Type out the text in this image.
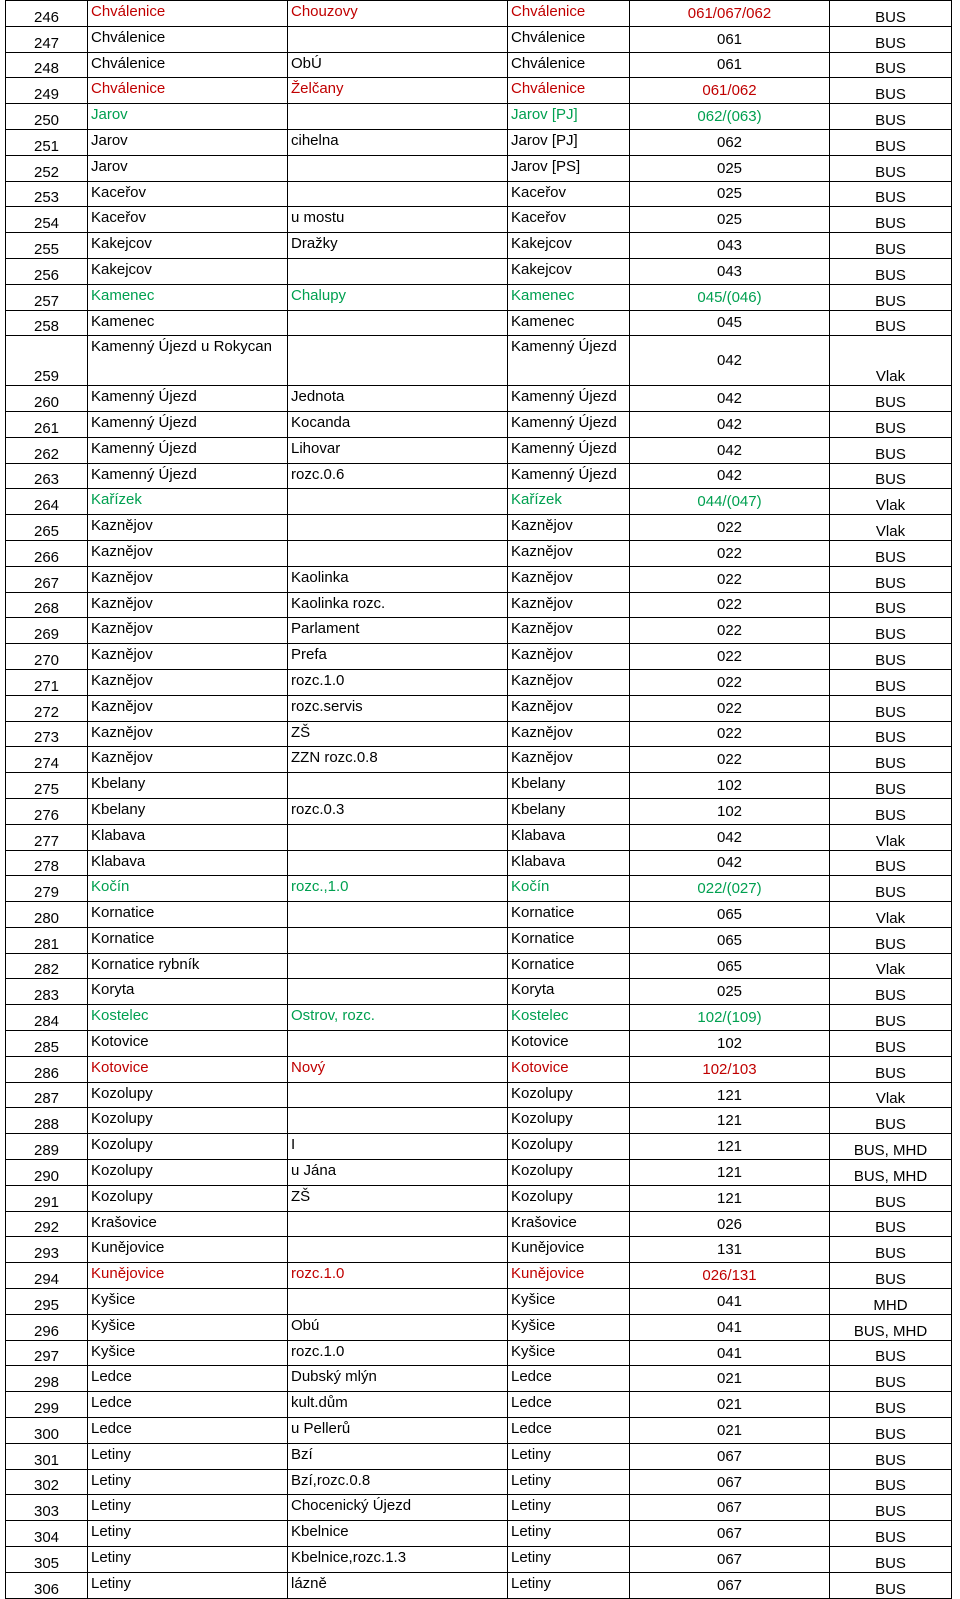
246	Chválenice	Chouzovy	Chválenice	061/067/062	BUS
247	Chválenice		Chválenice	061	BUS
248	Chválenice	ObÚ	Chválenice	061	BUS
249	Chválenice	Želčany	Chválenice	061/062	BUS
250	Jarov		Jarov [PJ]	062/(063)	BUS
251	Jarov	cihelna	Jarov [PJ]	062	BUS
252	Jarov		Jarov [PS]	025	BUS
253	Kaceřov		Kaceřov	025	BUS
254	Kaceřov	u mostu	Kaceřov	025	BUS
255	Kakejcov	Dražky	Kakejcov	043	BUS
256	Kakejcov		Kakejcov	043	BUS
257	Kamenec	Chalupy	Kamenec	045/(046)	BUS
258	Kamenec		Kamenec	045	BUS
259	Kamenný Újezd u Rokycan		Kamenný Újezd	042	Vlak
260	Kamenný Újezd	Jednota	Kamenný Újezd	042	BUS
261	Kamenný Újezd	Kocanda	Kamenný Újezd	042	BUS
262	Kamenný Újezd	Lihovar	Kamenný Újezd	042	BUS
263	Kamenný Újezd	rozc.0.6	Kamenný Újezd	042	BUS
264	Kařízek		Kařízek	044/(047)	Vlak
265	Kaznějov		Kaznějov	022	Vlak
266	Kaznějov		Kaznějov	022	BUS
267	Kaznějov	Kaolinka	Kaznějov	022	BUS
268	Kaznějov	Kaolinka rozc.	Kaznějov	022	BUS
269	Kaznějov	Parlament	Kaznějov	022	BUS
270	Kaznějov	Prefa	Kaznějov	022	BUS
271	Kaznějov	rozc.1.0	Kaznějov	022	BUS
272	Kaznějov	rozc.servis	Kaznějov	022	BUS
273	Kaznějov	ZŠ	Kaznějov	022	BUS
274	Kaznějov	ZZN rozc.0.8	Kaznějov	022	BUS
275	Kbelany		Kbelany	102	BUS
276	Kbelany	rozc.0.3	Kbelany	102	BUS
277	Klabava		Klabava	042	Vlak
278	Klabava		Klabava	042	BUS
279	Kočín	rozc.,1.0	Kočín	022/(027)	BUS
280	Kornatice		Kornatice	065	Vlak
281	Kornatice		Kornatice	065	BUS
282	Kornatice rybník		Kornatice	065	Vlak
283	Koryta		Koryta	025	BUS
284	Kostelec	Ostrov, rozc.	Kostelec	102/(109)	BUS
285	Kotovice		Kotovice	102	BUS
286	Kotovice	Nový	Kotovice	102/103	BUS
287	Kozolupy		Kozolupy	121	Vlak
288	Kozolupy		Kozolupy	121	BUS
289	Kozolupy	I	Kozolupy	121	BUS, MHD
290	Kozolupy	u Jána	Kozolupy	121	BUS, MHD
291	Kozolupy	ZŠ	Kozolupy	121	BUS
292	Krašovice		Krašovice	026	BUS
293	Kunějovice		Kunějovice	131	BUS
294	Kunějovice	rozc.1.0	Kunějovice	026/131	BUS
295	Kyšice		Kyšice	041	MHD
296	Kyšice	Obú	Kyšice	041	BUS, MHD
297	Kyšice	rozc.1.0	Kyšice	041	BUS
298	Ledce	Dubský mlýn	Ledce	021	BUS
299	Ledce	kult.dům	Ledce	021	BUS
300	Ledce	u Pellerů	Ledce	021	BUS
301	Letiny	Bzí	Letiny	067	BUS
302	Letiny	Bzí,rozc.0.8	Letiny	067	BUS
303	Letiny	Chocenický Újezd	Letiny	067	BUS
304	Letiny	Kbelnice	Letiny	067	BUS
305	Letiny	Kbelnice,rozc.1.3	Letiny	067	BUS
306	Letiny	lázně	Letiny	067	BUS
